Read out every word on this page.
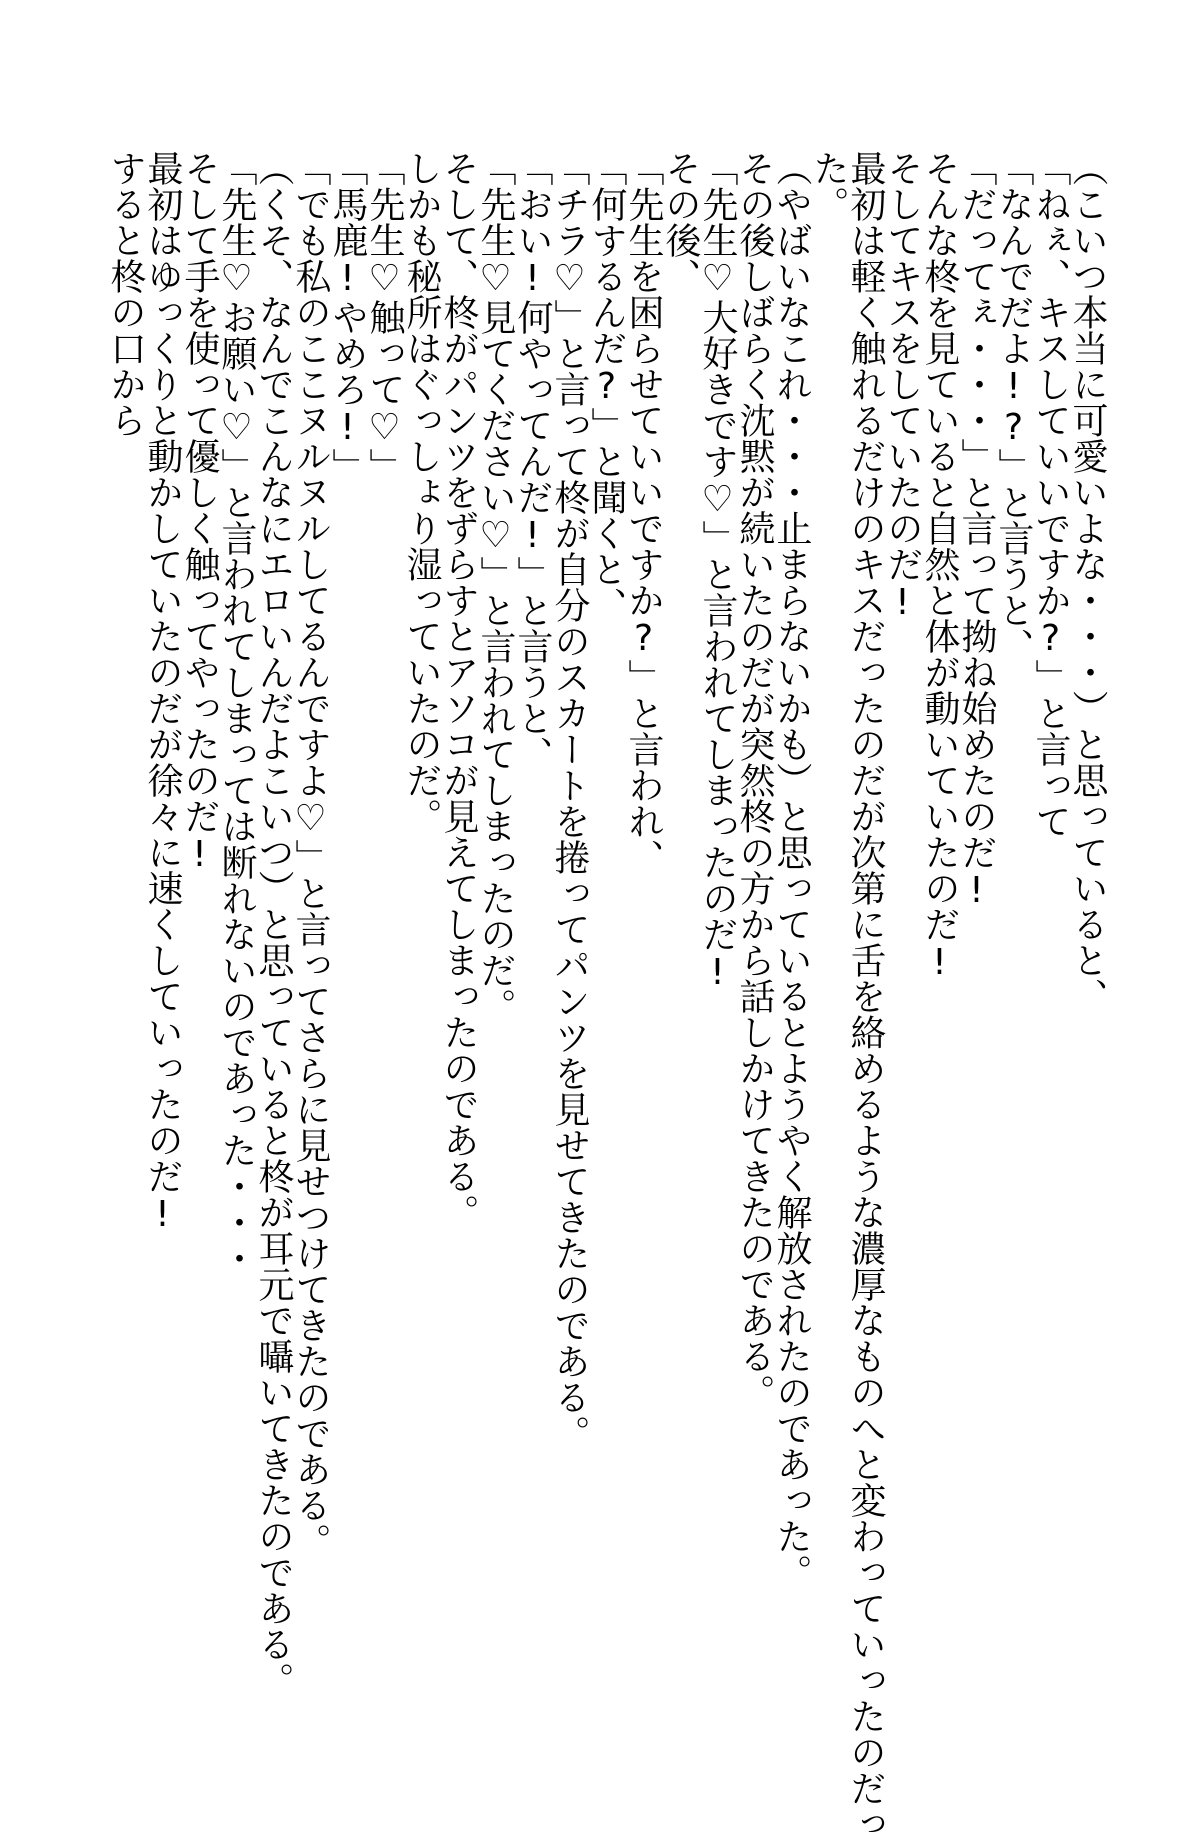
（こいつ本当に可愛いよな・・・）と思っていると、
「ねぇ、キスしていいですか?」と言って
「なんでだよ!?」と言うと、
「だってぇ・・・」と言って拗ね始めたのだ!
そんな柊を見ていると自然と体が動いていたのだ!
そしてキスをしていたのだ!
最初は軽く触れるだけのキスだったのだが次第に舌を絡めるような濃厚なものへと変わっていったのだっ
た。
（やばいなこれ・・・止まらないかも）と思っているとようやく解放されたのであった。
その後しばらく沈黙が続いたのだが突然柊の方から話しかけてきたのである。
「先生♡大好きです♡」と言われてしまったのだ!
その後、
「先生を困らせていいですか?」と言われ、
「何するんだ?」と聞くと、
「チラ♡」と言って柊が自分のスカートを捲ってパンツを見せてきたのである。
「おい!何やってんだ!」と言うと、
「先生♡見てください♡」と言われてしまったのだ。
そして、柊がパンツをずらすとアソコが見えてしまったのである。
しかも秘所はぐっしょり湿っていたのだ。
「先生♡触って♡」
「馬鹿!やめろ!」
「でも私のここヌルヌルしてるんですよ♡」と言ってさらに見せつけてきたのである。
（くそ、なんでこんなにエロいんだよこいつ）と思っていると柊が耳元で囁いてきたのである。
「先生♡お願い♡」と言われてしまっては断れないのであった・・・
そして手を使って優しく触ってやったのだ!
最初はゆっくりと動かしていたのだが徐々に速くしていったのだ!
すると柊の口から
